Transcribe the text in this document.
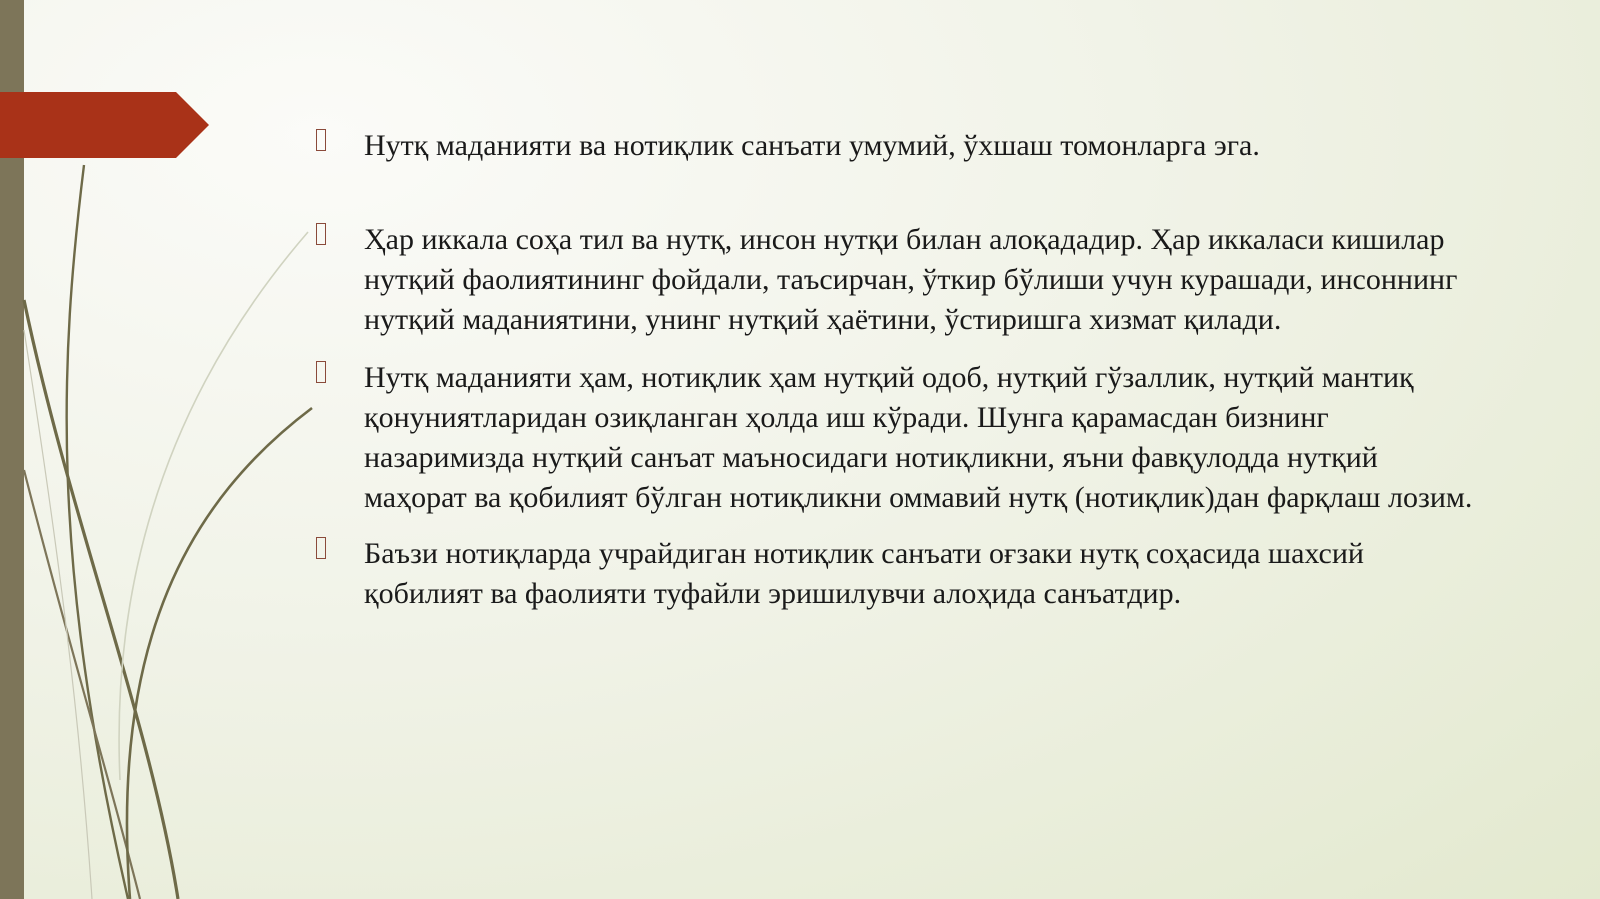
Нутқ маданияти ва нотиқлик санъати умумий, ўхшаш томонларга эга.
Ҳар иккала соҳа тил ва нутқ, инсон нутқи билан алоқададир. Ҳар иккаласи кишилар нутқий фаолиятининг фойдали, таъсирчан, ўткир бўлиши учун курашади, инсоннинг нутқий маданиятини, унинг нутқий ҳаётини, ўстиришга хизмат қилади.
Нутқ маданияти ҳам, нотиқлик ҳам нутқий одоб, нутқий гўзаллик, нутқий мантиқ қонуниятларидан озиқланган ҳолда иш кўради. Шунга қарамасдан бизнинг назаримизда нутқий санъат маъносидаги нотиқликни, яъни фавқулодда нутқий маҳорат ва қобилият бўлган нотиқликни оммавий нутқ (нотиқлик)дан фарқлаш лозим.
Баъзи нотиқларда учрайдиган нотиқлик санъати оғзаки нутқ соҳасида шахсий қобилият ва фаолияти туфайли эришилувчи алоҳида санъатдир.
